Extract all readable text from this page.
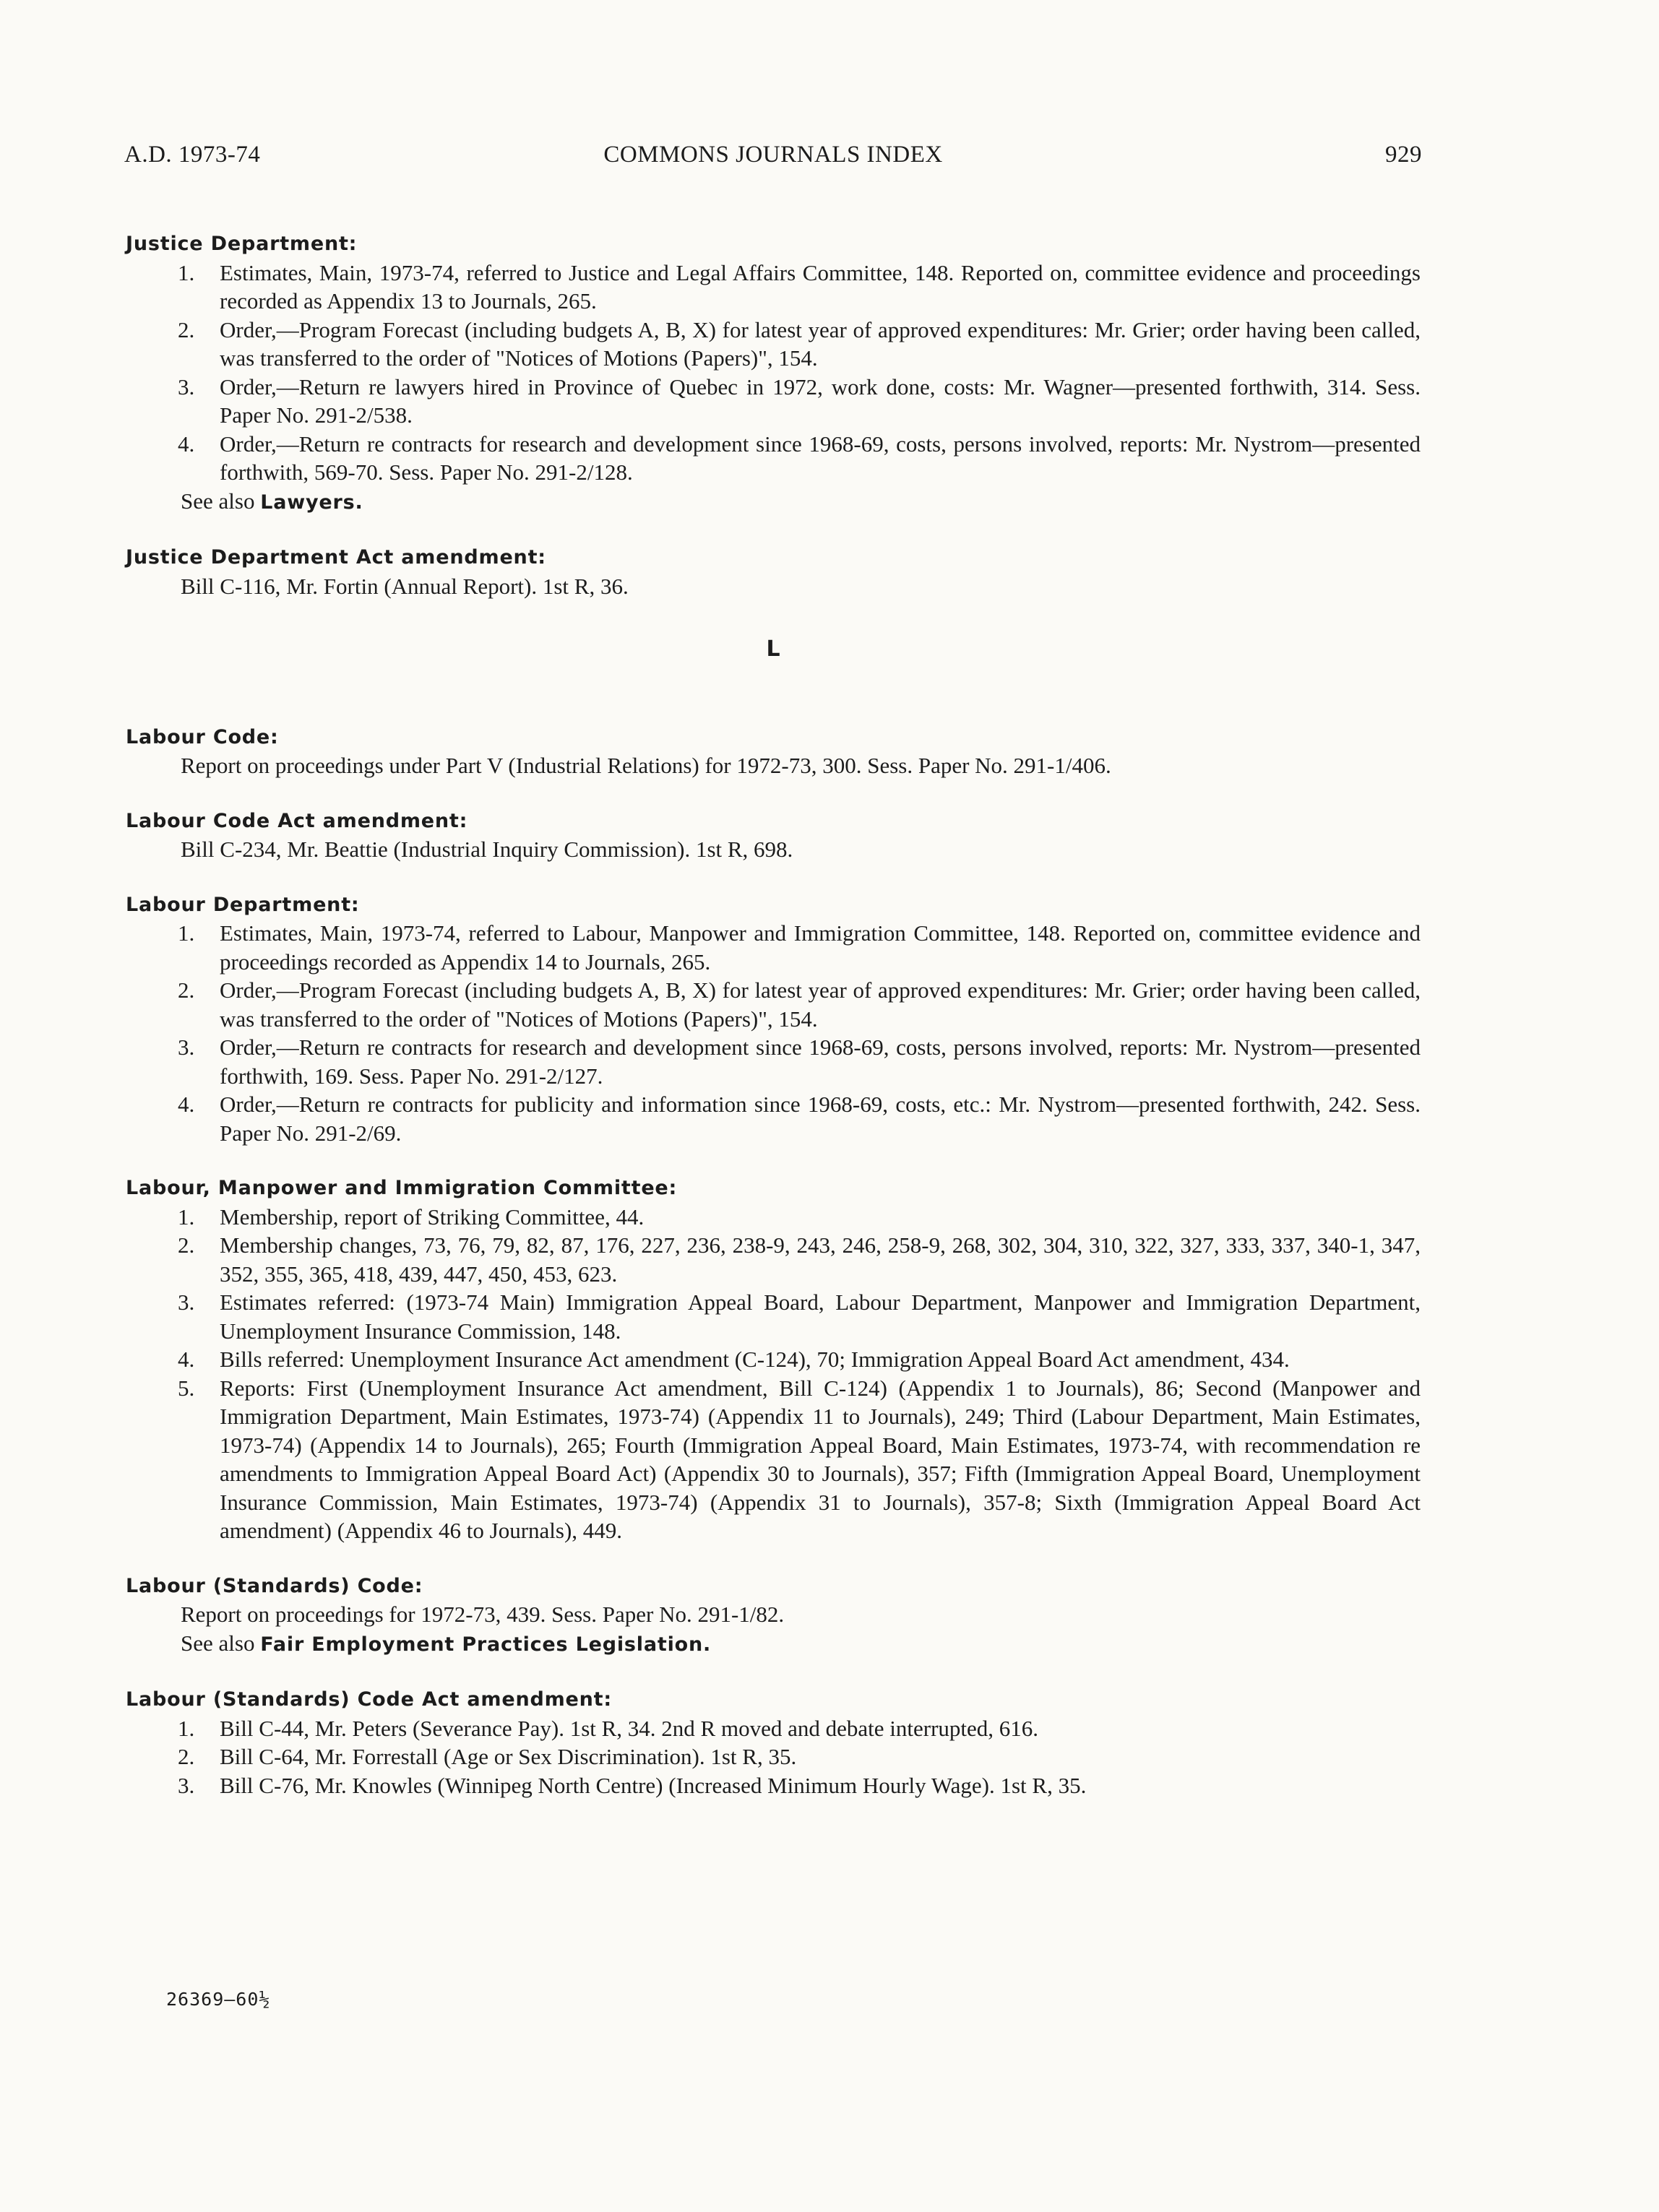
A.D. 1973-74	COMMONS JOURNALS INDEX	929
Justice Department:
1. Estimates, Main, 1973-74, referred to Justice and Legal Affairs Committee, 148. Reported on, committee evidence and proceedings recorded as Appendix 13 to Journals, 265.
2. Order,—Program Forecast (including budgets A, B, X) for latest year of approved expenditures: Mr. Grier; order having been called, was transferred to the order of "Notices of Motions (Papers)", 154.
3. Order,—Return re lawyers hired in Province of Quebec in 1972, work done, costs: Mr. Wagner—presented forthwith, 314. Sess. Paper No. 291-2/538.
4. Order,—Return re contracts for research and development since 1968-69, costs, persons involved, reports: Mr. Nystrom—presented forthwith, 569-70. Sess. Paper No. 291-2/128.
See also Lawyers.
Justice Department Act amendment:
Bill C-116, Mr. Fortin (Annual Report). 1st R, 36.
L
Labour Code:
Report on proceedings under Part V (Industrial Relations) for 1972-73, 300. Sess. Paper No. 291-1/406.
Labour Code Act amendment:
Bill C-234, Mr. Beattie (Industrial Inquiry Commission). 1st R, 698.
Labour Department:
1. Estimates, Main, 1973-74, referred to Labour, Manpower and Immigration Committee, 148. Reported on, committee evidence and proceedings recorded as Appendix 14 to Journals, 265.
2. Order,—Program Forecast (including budgets A, B, X) for latest year of approved expenditures: Mr. Grier; order having been called, was transferred to the order of "Notices of Motions (Papers)", 154.
3. Order,—Return re contracts for research and development since 1968-69, costs, persons involved, reports: Mr. Nystrom—presented forthwith, 169. Sess. Paper No. 291-2/127.
4. Order,—Return re contracts for publicity and information since 1968-69, costs, etc.: Mr. Nystrom—presented forthwith, 242. Sess. Paper No. 291-2/69.
Labour, Manpower and Immigration Committee:
1. Membership, report of Striking Committee, 44.
2. Membership changes, 73, 76, 79, 82, 87, 176, 227, 236, 238-9, 243, 246, 258-9, 268, 302, 304, 310, 322, 327, 333, 337, 340-1, 347, 352, 355, 365, 418, 439, 447, 450, 453, 623.
3. Estimates referred: (1973-74 Main) Immigration Appeal Board, Labour Department, Manpower and Immigration Department, Unemployment Insurance Commission, 148.
4. Bills referred: Unemployment Insurance Act amendment (C-124), 70; Immigration Appeal Board Act amendment, 434.
5. Reports: First (Unemployment Insurance Act amendment, Bill C-124) (Appendix 1 to Journals), 86; Second (Manpower and Immigration Department, Main Estimates, 1973-74) (Appendix 11 to Journals), 249; Third (Labour Department, Main Estimates, 1973-74) (Appendix 14 to Journals), 265; Fourth (Immigration Appeal Board, Main Estimates, 1973-74, with recommendation re amendments to Immigration Appeal Board Act) (Appendix 30 to Journals), 357; Fifth (Immigration Appeal Board, Unemployment Insurance Commission, Main Estimates, 1973-74) (Appendix 31 to Journals), 357-8; Sixth (Immigration Appeal Board Act amendment) (Appendix 46 to Journals), 449.
Labour (Standards) Code:
Report on proceedings for 1972-73, 439. Sess. Paper No. 291-1/82.
See also Fair Employment Practices Legislation.
Labour (Standards) Code Act amendment:
1. Bill C-44, Mr. Peters (Severance Pay). 1st R, 34. 2nd R moved and debate interrupted, 616.
2. Bill C-64, Mr. Forrestall (Age or Sex Discrimination). 1st R, 35.
3. Bill C-76, Mr. Knowles (Winnipeg North Centre) (Increased Minimum Hourly Wage). 1st R, 35.
26369—60½
